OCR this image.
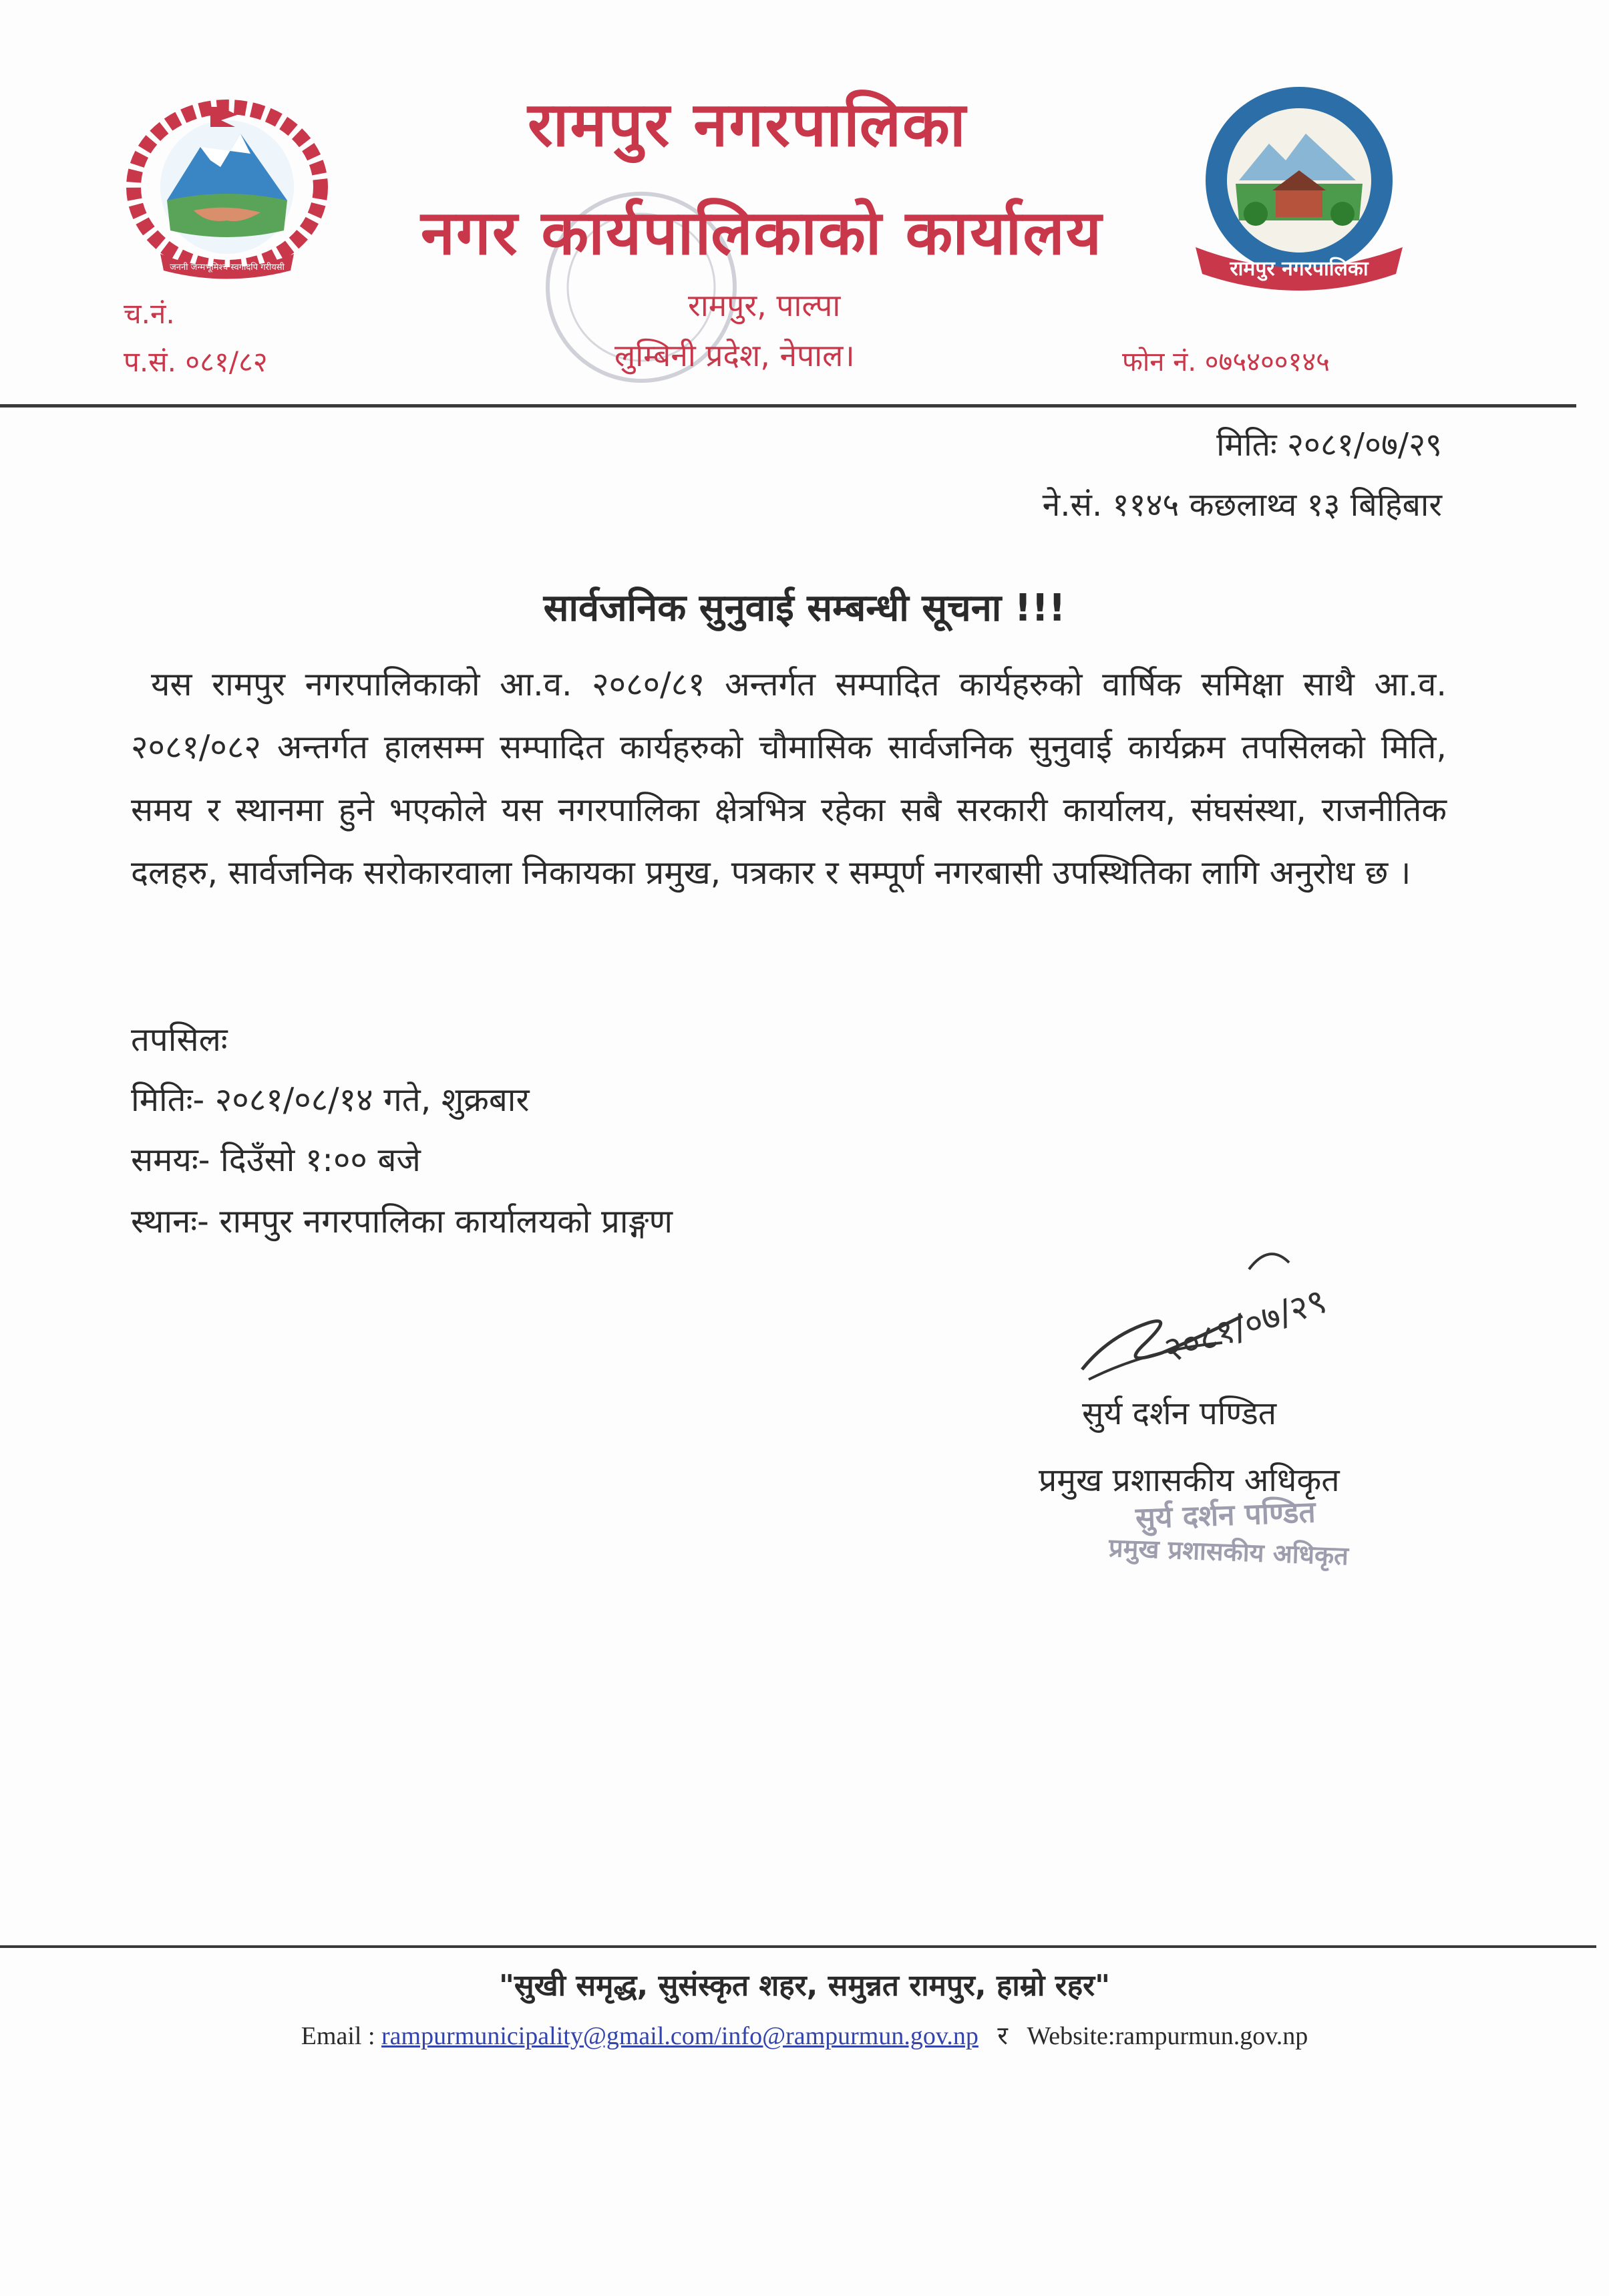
जननी जन्मभूमिश्च स्वर्गादपि गरीयसी	रामपुर नगरपालिका
रामपुर नगरपालिका
नगर कार्यपालिकाको कार्यालय
रामपुर, पाल्पा
लुम्बिनी प्रदेश, नेपाल।
च.नं.
प.सं. ०८१/८२	फोन नं. ०७५४००१४५
मितिः २०८१/०७/२९
ने.सं. ११४५ कछलाथ्व १३ बिहिबार
सार्वजनिक सुनुवाई सम्बन्धी सूचना !!!
यस रामपुर नगरपालिकाको आ.व. २०८०/८१ अन्तर्गत सम्पादित कार्यहरुको वार्षिक समिक्षा साथै आ.व. २०८१/०८२ अन्तर्गत हालसम्म सम्पादित कार्यहरुको चौमासिक सार्वजनिक सुनुवाई कार्यक्रम तपसिलको मिति, समय र स्थानमा हुने भएकोले यस नगरपालिका क्षेत्रभित्र रहेका सबै सरकारी कार्यालय, संघसंस्था, राजनीतिक दलहरु, सार्वजनिक सरोकारवाला निकायका प्रमुख, पत्रकार र सम्पूर्ण नगरबासी उपस्थितिका लागि अनुरोध छ ।
तपसिलः
मितिः- २०८१/०८/१४ गते, शुक्रबार
समयः- दिउँसो १:०० बजे
स्थानः- रामपुर नगरपालिका कार्यालयको प्राङ्गण
२०८१/०७/२९
सुर्य दर्शन पण्डित
प्रमुख प्रशासकीय अधिकृत
सुर्य दर्शन पण्डित
प्रमुख प्रशासकीय अधिकृत
"सुखी समृद्ध, सुसंस्कृत शहर, समुन्नत रामपुर, हाम्रो रहर"
Email : rampurmunicipality@gmail.com/info@rampurmun.gov.np र Website:rampurmun.gov.np
